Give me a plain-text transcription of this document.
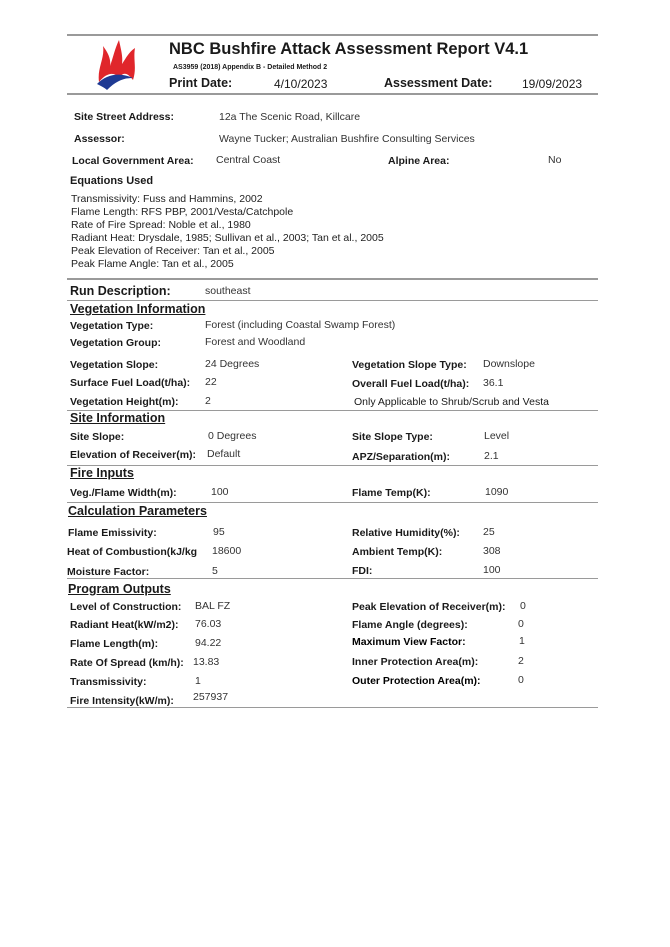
NBC Bushfire Attack Assessment Report V4.1
AS3959 (2018) Appendix B - Detailed Method 2
Print Date:	4/10/2023	Assessment Date: 19/09/2023
Site Street Address:	12a The Scenic Road, Killcare
Assessor:	Wayne Tucker; Australian Bushfire Consulting Services
Local Government Area: Central Coast	Alpine Area:	No
Equations Used
Transmissivity: Fuss and Hammins, 2002
Flame Length: RFS PBP, 2001/Vesta/Catchpole
Rate of Fire Spread: Noble et al., 1980
Radiant Heat: Drysdale, 1985; Sullivan et al., 2003; Tan et al., 2005
Peak Elevation of Receiver: Tan et al., 2005
Peak Flame Angle: Tan et al., 2005
Run Description:	southeast
Vegetation Information
Vegetation Type:	Forest (including Coastal Swamp Forest)
Vegetation Group:	Forest and Woodland
Vegetation Slope:	24 Degrees	Vegetation Slope Type: Downslope
Surface Fuel Load(t/ha): 22	Overall Fuel Load(t/ha): 36.1
Vegetation Height(m):	2	Only Applicable to Shrub/Scrub and Vesta
Site Information
Site Slope:	0 Degrees	Site Slope Type:	Level
Elevation of Receiver(m): Default	APZ/Separation(m):	2.1
Fire Inputs
Veg./Flame Width(m):	100	Flame Temp(K):	1090
Calculation Parameters
Flame Emissivity:	95	Relative Humidity(%): 25
Heat of Combustion(kJ/kg 18600	Ambient Temp(K):	308
Moisture Factor:	5	FDI:	100
Program Outputs
Level of Construction: BAL FZ	Peak Elevation of Receiver(m): 0
Radiant Heat(kW/m2): 76.03	Flame Angle (degrees):	0
Flame Length(m):	94.22	Maximum View Factor:	1
Rate Of Spread (km/h): 13.83	Inner Protection Area(m):	2
Transmissivity:	1	Outer Protection Area(m):	0
Fire Intensity(kW/m): 257937
